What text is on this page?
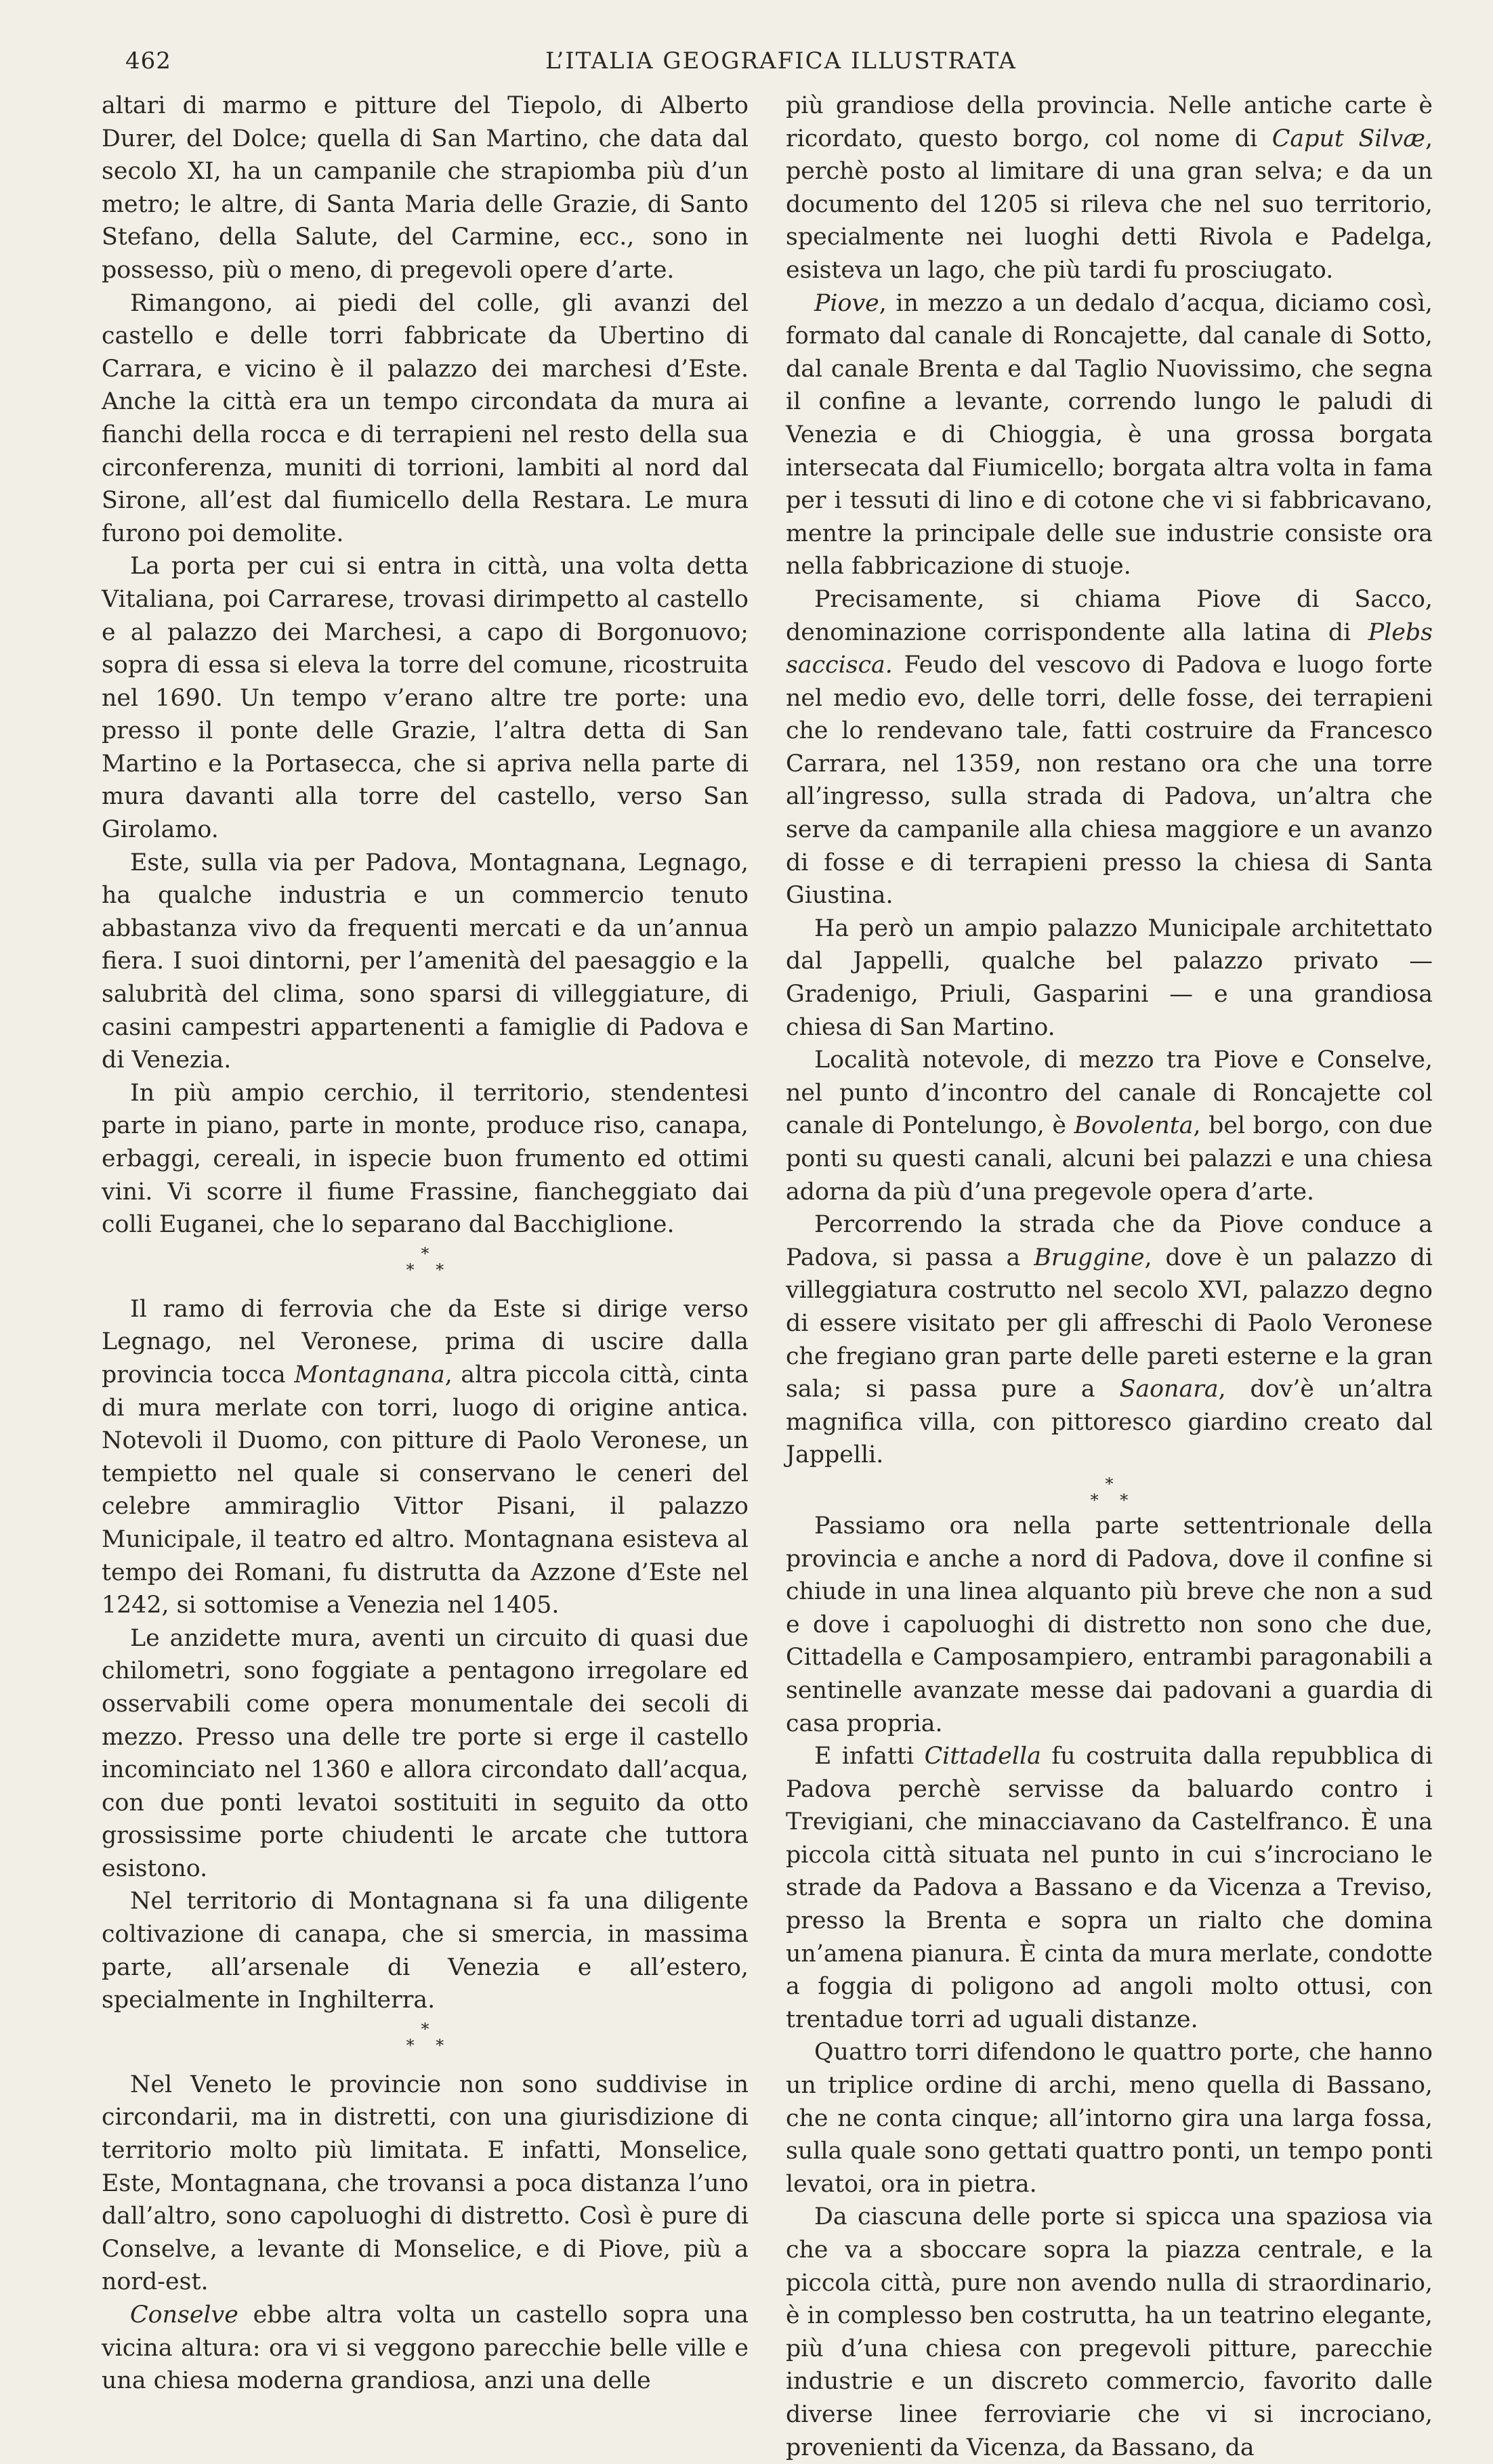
462	L’ITALIA GEOGRAFICA ILLUSTRATA

altari di marmo e pitture del Tiepolo, di Alberto Durer, del Dolce; quella di San Martino, che data dal secolo XI, ha un campanile che strapiomba più d’un metro; le altre, di Santa Maria delle Grazie, di Santo Stefano, della Salute, del Carmine, ecc., sono in possesso, più o meno, di pregevoli opere d’arte.

Rimangono, ai piedi del colle, gli avanzi del castello e delle torri fabbricate da Ubertino di Carrara, e vicino è il palazzo dei marchesi d’Este. Anche la città era un tempo circondata da mura ai fianchi della rocca e di terrapieni nel resto della sua circonferenza, muniti di torrioni, lambiti al nord dal Sirone, all’est dal fiumicello della Restara. Le mura furono poi demolite.

La porta per cui si entra in città, una volta detta Vitaliana, poi Carrarese, trovasi dirimpetto al castello e al palazzo dei Marchesi, a capo di Borgonuovo; sopra di essa si eleva la torre del comune, ricostruita nel 1690. Un tempo v’erano altre tre porte: una presso il ponte delle Grazie, l’altra detta di San Martino e la Portasecca, che si apriva nella parte di mura davanti alla torre del castello, verso San Girolamo.

Este, sulla via per Padova, Montagnana, Legnago, ha qualche industria e un commercio tenuto abbastanza vivo da frequenti mercati e da un’annua fiera. I suoi dintorni, per l’amenità del paesaggio e la salubrità del clima, sono sparsi di villeggiature, di casini campestri appartenenti a famiglie di Padova e di Venezia.

In più ampio cerchio, il territorio, stendentesi parte in piano, parte in monte, produce riso, canapa, erbaggi, cereali, in ispecie buon frumento ed ottimi vini. Vi scorre il fiume Frassine, fiancheggiato dai colli Euganei, che lo separano dal Bacchiglione.

*
* *

Il ramo di ferrovia che da Este si dirige verso Legnago, nel Veronese, prima di uscire dalla provincia tocca Montagnana, altra piccola città, cinta di mura merlate con torri, luogo di origine antica. Notevoli il Duomo, con pitture di Paolo Veronese, un tempietto nel quale si conservano le ceneri del celebre ammiraglio Vittor Pisani, il palazzo Municipale, il teatro ed altro. Montagnana esisteva al tempo dei Romani, fu distrutta da Azzone d’Este nel 1242, si sottomise a Venezia nel 1405.

Le anzidette mura, aventi un circuito di quasi due chilometri, sono foggiate a pentagono irregolare ed osservabili come opera monumentale dei secoli di mezzo. Presso una delle tre porte si erge il castello incominciato nel 1360 e allora circondato dall’acqua, con due ponti levatoi sostituiti in seguito da otto grossissime porte chiudenti le arcate che tuttora esistono.

Nel territorio di Montagnana si fa una diligente coltivazione di canapa, che si smercia, in massima parte, all’arsenale di Venezia e all’estero, specialmente in Inghilterra.

*
* *

Nel Veneto le provincie non sono suddivise in circondarii, ma in distretti, con una giurisdizione di territorio molto più limitata. E infatti, Monselice, Este, Montagnana, che trovansi a poca distanza l’uno dall’altro, sono capoluoghi di distretto. Così è pure di Conselve, a levante di Monselice, e di Piove, più a nord-est.

Conselve ebbe altra volta un castello sopra una vicina altura: ora vi si veggono parecchie belle ville e una chiesa moderna grandiosa, anzi una delle

più grandiose della provincia. Nelle antiche carte è ricordato, questo borgo, col nome di Caput Silvæ, perchè posto al limitare di una gran selva; e da un documento del 1205 si rileva che nel suo territorio, specialmente nei luoghi detti Rivola e Padelga, esisteva un lago, che più tardi fu prosciugato.

Piove, in mezzo a un dedalo d’acqua, diciamo così, formato dal canale di Roncajette, dal canale di Sotto, dal canale Brenta e dal Taglio Nuovissimo, che segna il confine a levante, correndo lungo le paludi di Venezia e di Chioggia, è una grossa borgata intersecata dal Fiumicello; borgata altra volta in fama per i tessuti di lino e di cotone che vi si fabbricavano, mentre la principale delle sue industrie consiste ora nella fabbricazione di stuoje.

Precisamente, si chiama Piove di Sacco, denominazione corrispondente alla latina di Plebs saccisca. Feudo del vescovo di Padova e luogo forte nel medio evo, delle torri, delle fosse, dei terrapieni che lo rendevano tale, fatti costruire da Francesco Carrara, nel 1359, non restano ora che una torre all’ingresso, sulla strada di Padova, un’altra che serve da campanile alla chiesa maggiore e un avanzo di fosse e di terrapieni presso la chiesa di Santa Giustina.

Ha però un ampio palazzo Municipale architettato dal Jappelli, qualche bel palazzo privato — Gradenigo, Priuli, Gasparini — e una grandiosa chiesa di San Martino.

Località notevole, di mezzo tra Piove e Conselve, nel punto d’incontro del canale di Roncajette col canale di Pontelungo, è Bovolenta, bel borgo, con due ponti su questi canali, alcuni bei palazzi e una chiesa adorna da più d’una pregevole opera d’arte.

Percorrendo la strada che da Piove conduce a Padova, si passa a Bruggine, dove è un palazzo di villeggiatura costrutto nel secolo XVI, palazzo degno di essere visitato per gli affreschi di Paolo Veronese che fregiano gran parte delle pareti esterne e la gran sala; si passa pure a Saonara, dov’è un’altra magnifica villa, con pittoresco giardino creato dal Jappelli.

*
* *

Passiamo ora nella parte settentrionale della provincia e anche a nord di Padova, dove il confine si chiude in una linea alquanto più breve che non a sud e dove i capoluoghi di distretto non sono che due, Cittadella e Camposampiero, entrambi paragonabili a sentinelle avanzate messe dai padovani a guardia di casa propria.

E infatti Cittadella fu costruita dalla repubblica di Padova perchè servisse da baluardo contro i Trevigiani, che minacciavano da Castelfranco. È una piccola città situata nel punto in cui s’incrociano le strade da Padova a Bassano e da Vicenza a Treviso, presso la Brenta e sopra un rialto che domina un’amena pianura. È cinta da mura merlate, condotte a foggia di poligono ad angoli molto ottusi, con trentadue torri ad uguali distanze.

Quattro torri difendono le quattro porte, che hanno un triplice ordine di archi, meno quella di Bassano, che ne conta cinque; all’intorno gira una larga fossa, sulla quale sono gettati quattro ponti, un tempo ponti levatoi, ora in pietra.

Da ciascuna delle porte si spicca una spaziosa via che va a sboccare sopra la piazza centrale, e la piccola città, pure non avendo nulla di straordinario, è in complesso ben costrutta, ha un teatrino elegante, più d’una chiesa con pregevoli pitture, parecchie industrie e un discreto commercio, favorito dalle diverse linee ferroviarie che vi si incrociano, provenienti da Vicenza, da Bassano, da
